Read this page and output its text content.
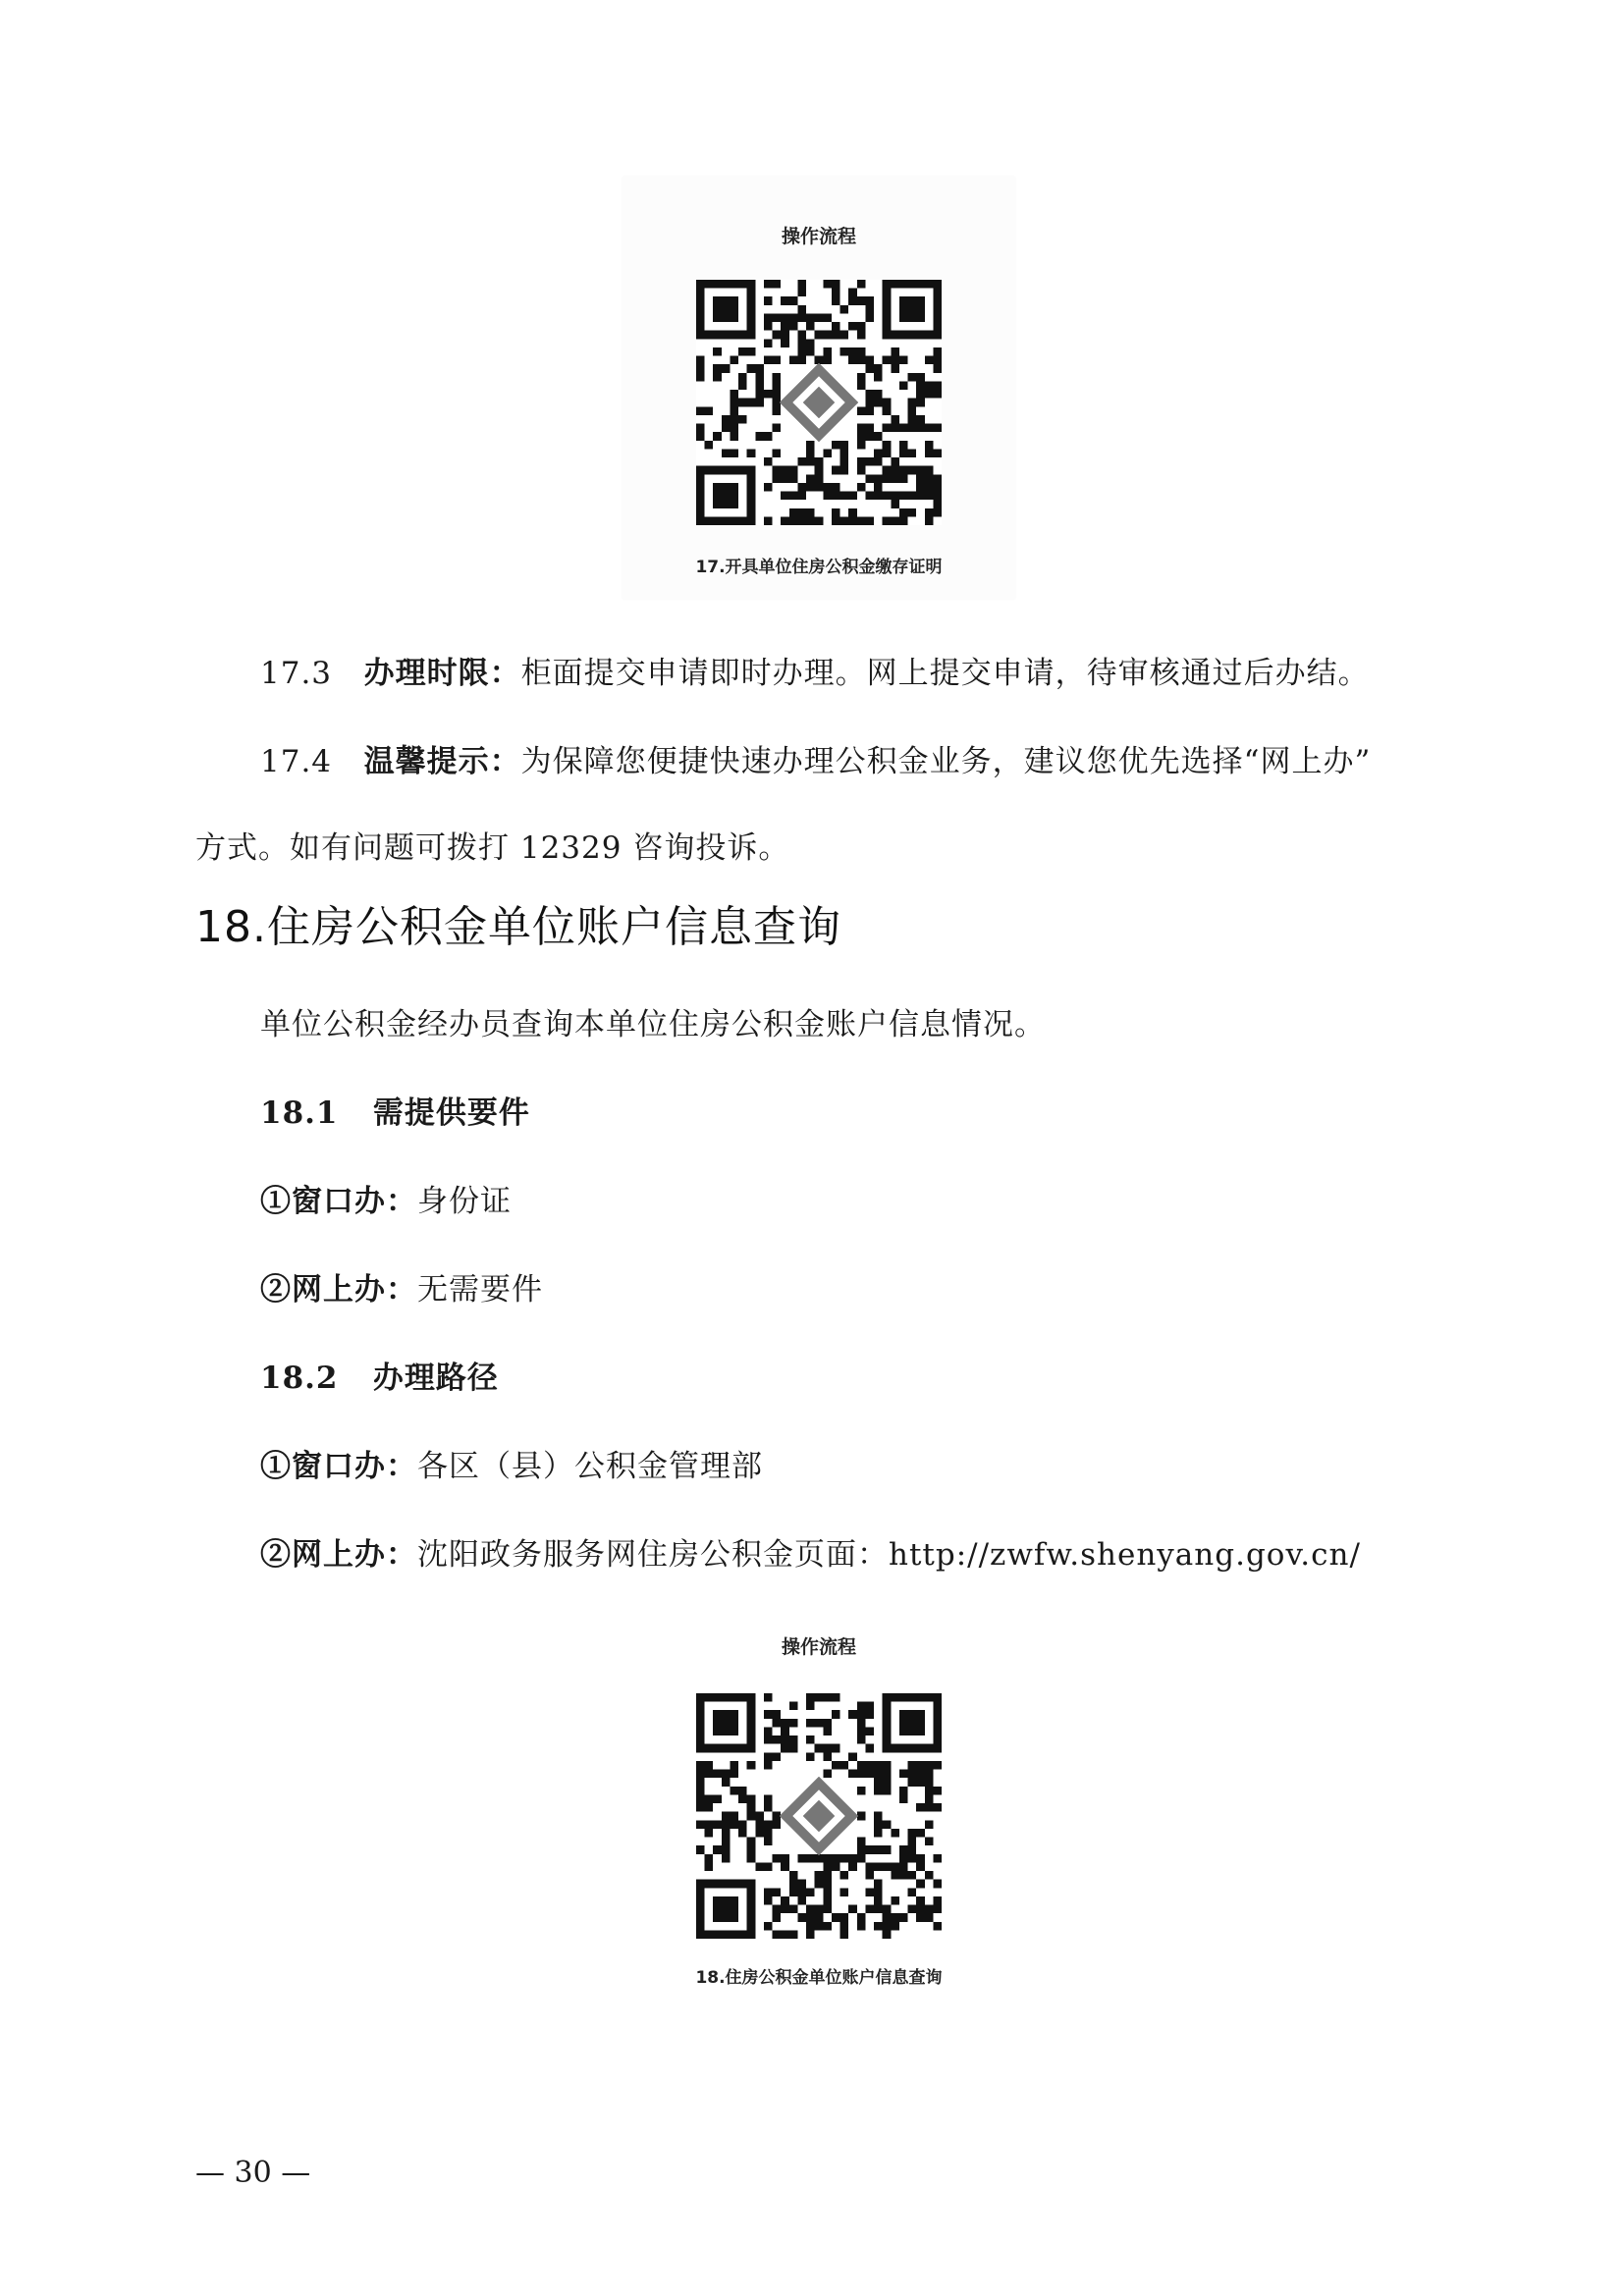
操作流程
17.开具单位住房公积金缴存证明
17.3 办理时限：柜面提交申请即时办理。网上提交申请，待审核通过后办结。
17.4 温馨提示：为保障您便捷快速办理公积金业务，建议您优先选择“网上办”
方式。如有问题可拨打 12329 咨询投诉。
18.住房公积金单位账户信息查询
单位公积金经办员查询本单位住房公积金账户信息情况。
18.1 需提供要件
①窗口办：身份证
②网上办：无需要件
18.2 办理路径
①窗口办：各区（县）公积金管理部
②网上办：沈阳政务服务网住房公积金页面：http://zwfw.shenyang.gov.cn/
操作流程
18.住房公积金单位账户信息查询
— 30 —
